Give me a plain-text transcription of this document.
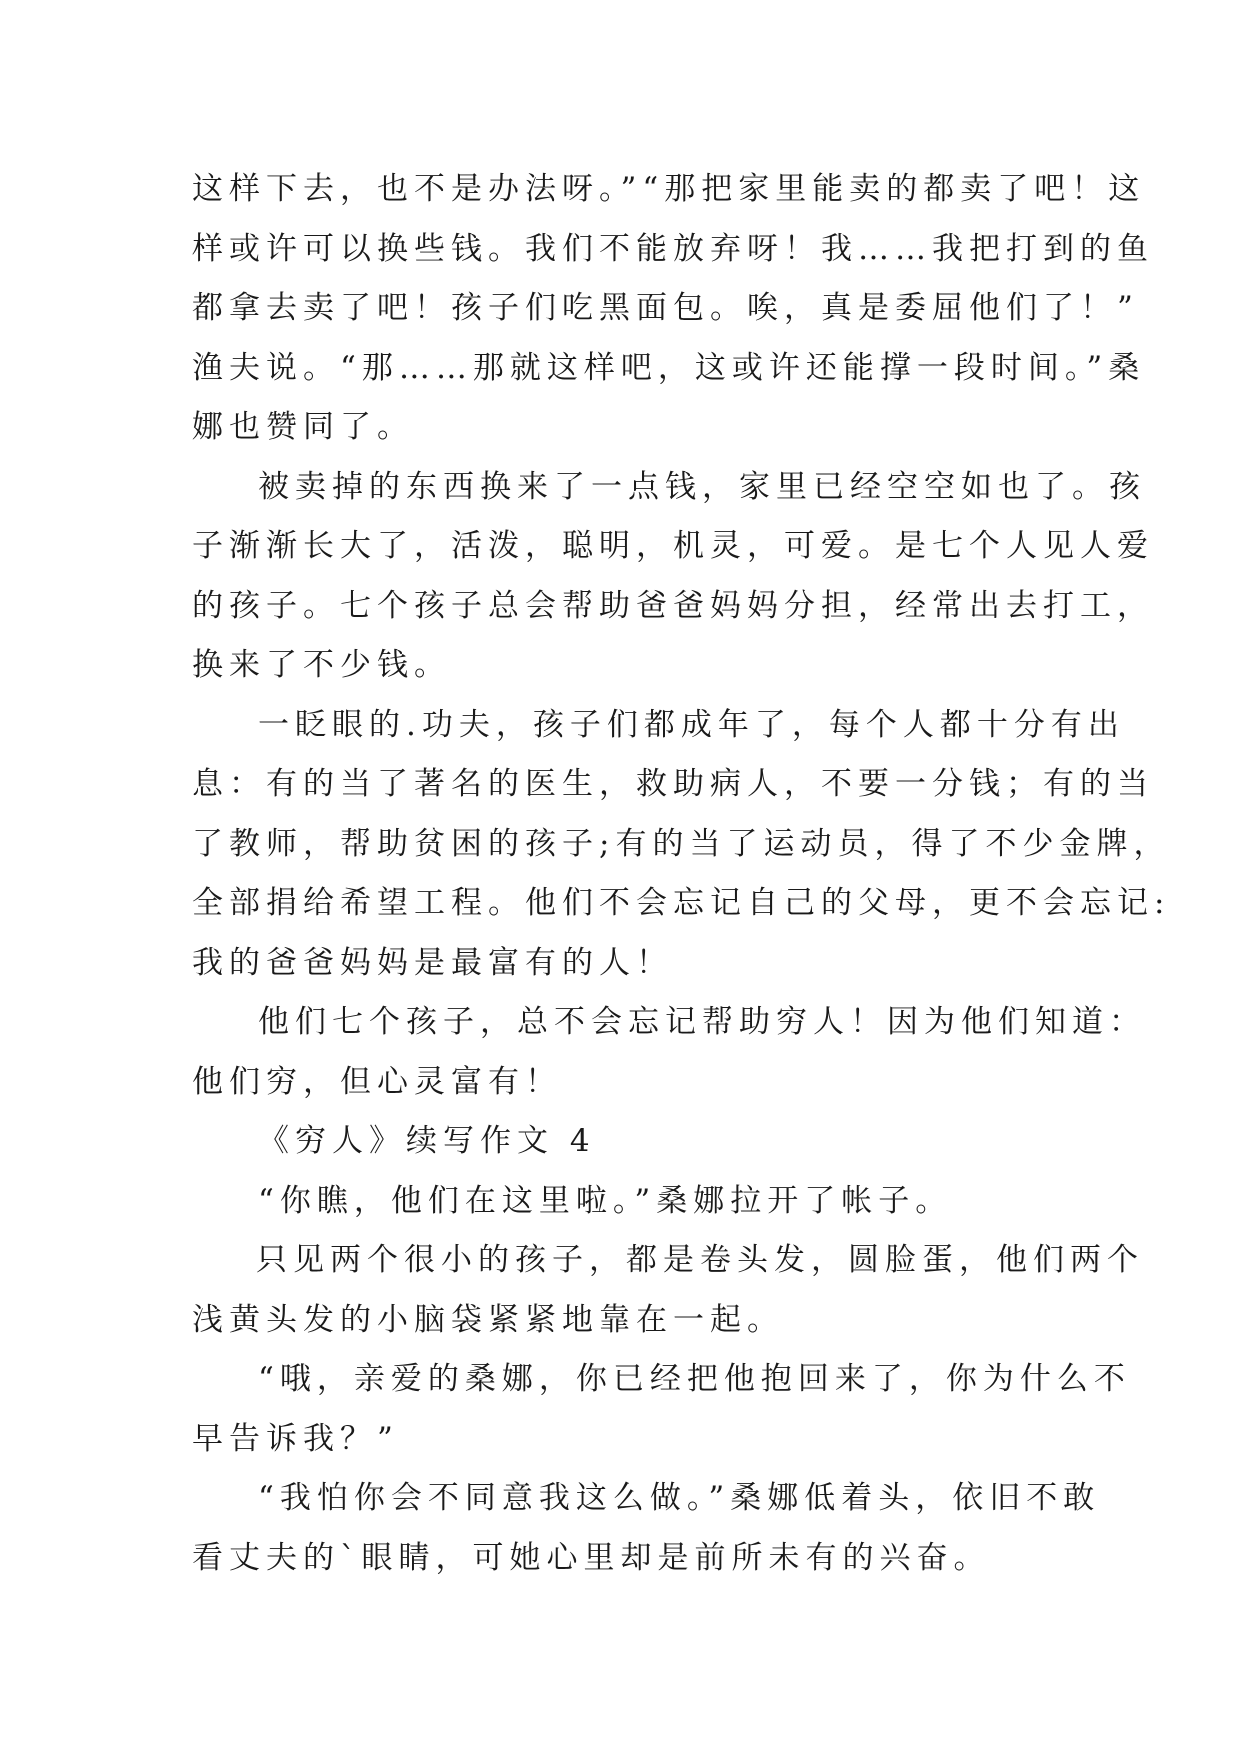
这样下去，也不是办法呀。”“那把家里能卖的都卖了吧！这
样或许可以换些钱。我们不能放弃呀！我……我把打到的鱼
都拿去卖了吧！孩子们吃黑面包。唉，真是委屈他们了！”
渔夫说。“那……那就这样吧，这或许还能撑一段时间。”桑
娜也赞同了。
被卖掉的东西换来了一点钱，家里已经空空如也了。孩
子渐渐长大了，活泼，聪明，机灵，可爱。是七个人见人爱
的孩子。七个孩子总会帮助爸爸妈妈分担，经常出去打工，
换来了不少钱。
一眨眼的.功夫，孩子们都成年了，每个人都十分有出
息：有的当了著名的医生，救助病人，不要一分钱；有的当
了教师，帮助贫困的孩子;有的当了运动员，得了不少金牌，
全部捐给希望工程。他们不会忘记自己的父母，更不会忘记:
我的爸爸妈妈是最富有的人！
他们七个孩子，总不会忘记帮助穷人！因为他们知道：
他们穷，但心灵富有！
《穷人》续写作文 4
“你瞧，他们在这里啦。”桑娜拉开了帐子。
只见两个很小的孩子，都是卷头发，圆脸蛋，他们两个
浅黄头发的小脑袋紧紧地靠在一起。
“哦，亲爱的桑娜，你已经把他抱回来了，你为什么不
早告诉我？”
“我怕你会不同意我这么做。”桑娜低着头，依旧不敢
看丈夫的`眼睛，可她心里却是前所未有的兴奋。
